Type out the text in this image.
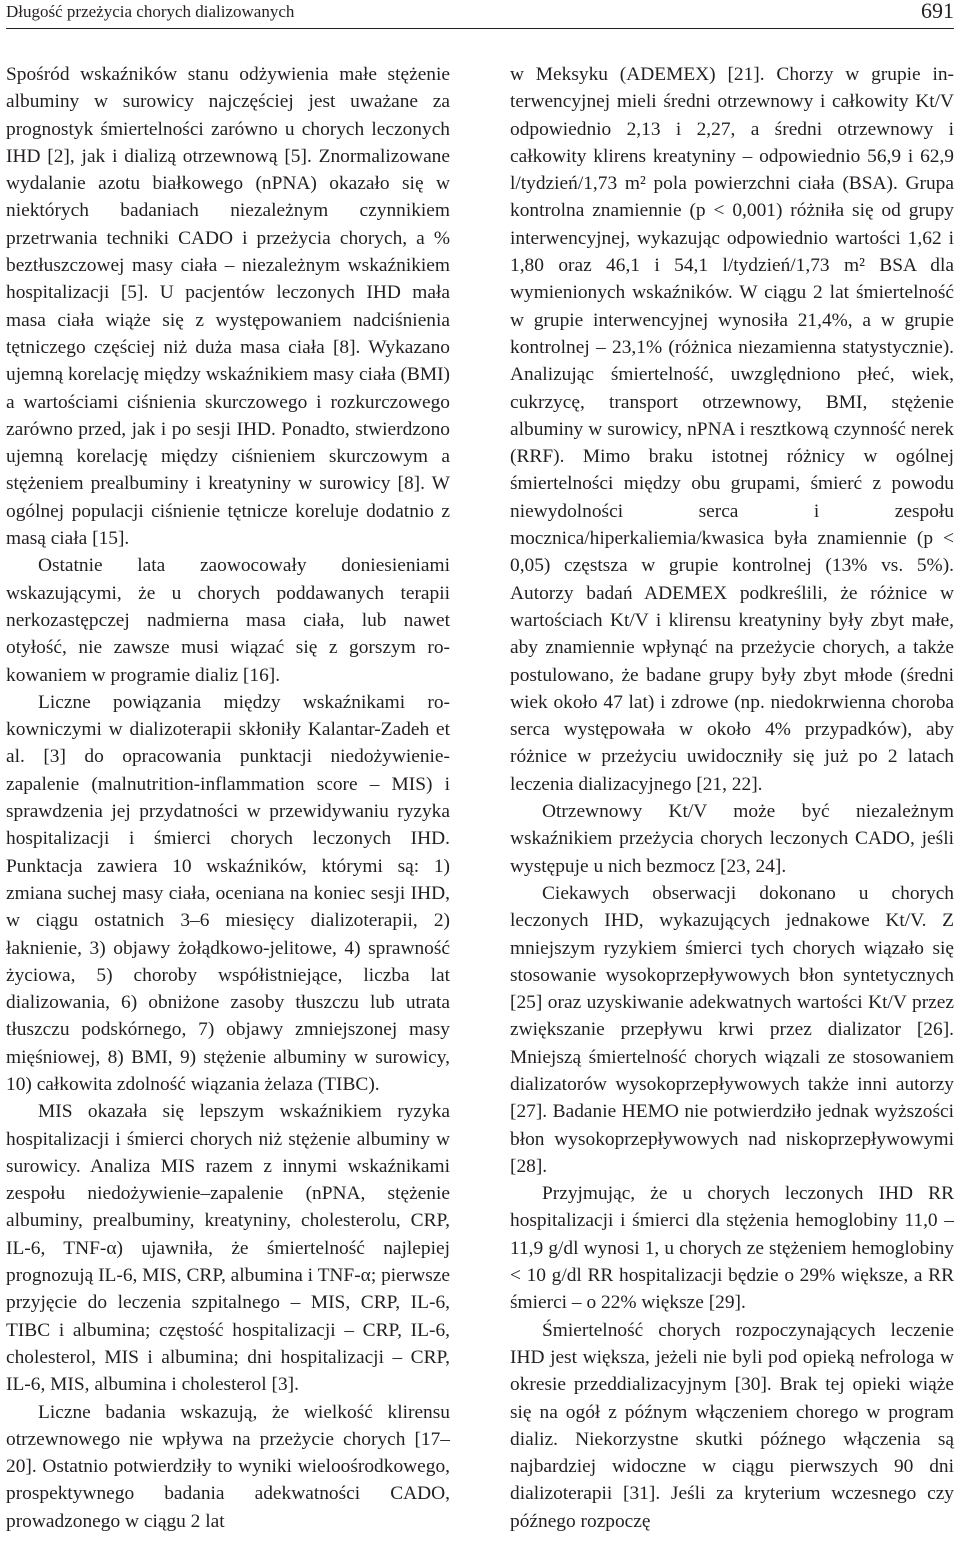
Długość przeżycia chorych dializowanych	691

Spośród wskaźników stanu odżywienia małe stężenie albuminy w surowicy najczęściej jest uważane za prognostyk śmiertelności zarówno u chorych leczonych IHD [2], jak i dializą otrzewnową [5]. Znormalizowane wydalanie azotu białkowego (nPNA) okazało się w niektórych badaniach niezależnym czynnikiem przetrwania techniki CADO i przeżycia chorych, a % beztłuszczowej masy ciała – niezależnym wskaźnikiem hospitalizacji [5]. U pacjentów leczonych IHD mała masa ciała wiąże się z występowaniem nadciśnienia tętniczego częściej niż duża masa ciała [8]. Wykazano ujemną korelację między wskaźnikiem masy ciała (BMI) a wartościami ciśnienia skurczowego i rozkurczowego zarówno przed, jak i po sesji IHD. Ponadto, stwierdzono ujemną korelację między ciśnieniem skurczowym a stężeniem prealbuminy i kreatyniny w surowicy [8]. W ogólnej populacji ciśnienie tętnicze koreluje dodatnio z masą ciała [15].

Ostatnie lata zaowocowały doniesieniami wskazującymi, że u chorych poddawanych terapii nerkozastępczej nadmierna masa ciała, lub nawet otyłość, nie zawsze musi wiązać się z gorszym rokowaniem w programie dializ [16].

Liczne powiązania między wskaźnikami rokowniczymi w dializoterapii skłoniły Kalantar-Zadeh et al. [3] do opracowania punktacji niedożywienie-zapalenie (malnutrition-inflammation score – MIS) i sprawdzenia jej przydatności w przewidywaniu ryzyka hospitalizacji i śmierci chorych leczonych IHD. Punktacja zawiera 10 wskaźników, którymi są: 1) zmiana suchej masy ciała, oceniana na koniec sesji IHD, w ciągu ostatnich 3–6 miesięcy dializoterapii, 2) łaknienie, 3) objawy żołądkowo-jelitowe, 4) sprawność życiowa, 5) choroby współistniejące, liczba lat dializowania, 6) obniżone zasoby tłuszczu lub utrata tłuszczu podskórnego, 7) objawy zmniejszonej masy mięśniowej, 8) BMI, 9) stężenie albuminy w surowicy, 10) całkowita zdolność wiązania żelaza (TIBC).

MIS okazała się lepszym wskaźnikiem ryzyka hospitalizacji i śmierci chorych niż stężenie albuminy w surowicy. Analiza MIS razem z innymi wskaźnikami zespołu niedożywienie–zapalenie (nPNA, stężenie albuminy, prealbuminy, kreatyniny, cholesterolu, CRP, IL-6, TNF-α) ujawniła, że śmiertelność najlepiej prognozują IL-6, MIS, CRP, albumina i TNF-α; pierwsze przyjęcie do leczenia szpitalnego – MIS, CRP, IL-6, TIBC i albumina; częstość hospitalizacji – CRP, IL-6, cholesterol, MIS i albumina; dni hospitalizacji – CRP, IL-6, MIS, albumina i cholesterol [3].

Liczne badania wskazują, że wielkość klirensu otrzewnowego nie wpływa na przeżycie chorych [17–20]. Ostatnio potwierdziły to wyniki wieloośrodkowego, prospektywnego badania adekwatności CADO, prowadzonego w ciągu 2 lat

w Meksyku (ADEMEX) [21]. Chorzy w grupie interwencyjnej mieli średni otrzewnowy i całkowity Kt/V odpowiednio 2,13 i 2,27, a średni otrzewnowy i całkowity klirens kreatyniny – odpowiednio 56,9 i 62,9 l/tydzień/1,73 m² pola powierzchni ciała (BSA). Grupa kontrolna znamiennie (p < 0,001) różniła się od grupy interwencyjnej, wykazując odpowiednio wartości 1,62 i 1,80 oraz 46,1 i 54,1 l/tydzień/1,73 m² BSA dla wymienionych wskaźników. W ciągu 2 lat śmiertelność w grupie interwencyjnej wynosiła 21,4%, a w grupie kontrolnej – 23,1% (różnica niezamienna statystycznie). Analizując śmiertelność, uwzględniono płeć, wiek, cukrzycę, transport otrzewnowy, BMI, stężenie albuminy w surowicy, nPNA i resztkową czynność nerek (RRF). Mimo braku istotnej różnicy w ogólnej śmiertelności między obu grupami, śmierć z powodu niewydolności serca i zespołu mocznica/hiperkaliemia/kwasica była znamiennie (p < 0,05) częstsza w grupie kontrolnej (13% vs. 5%). Autorzy badań ADEMEX podkreślili, że różnice w wartościach Kt/V i klirensu kreatyniny były zbyt małe, aby znamiennie wpłynąć na przeżycie chorych, a także postulowano, że badane grupy były zbyt młode (średni wiek około 47 lat) i zdrowe (np. niedokrwienna choroba serca występowała w około 4% przypadków), aby różnice w przeżyciu uwidoczniły się już po 2 latach leczenia dializacyjnego [21, 22].

Otrzewnowy Kt/V może być niezależnym wskaźnikiem przeżycia chorych leczonych CADO, jeśli występuje u nich bezmocz [23, 24].

Ciekawych obserwacji dokonano u chorych leczonych IHD, wykazujących jednakowe Kt/V. Z mniejszym ryzykiem śmierci tych chorych wiązało się stosowanie wysokoprzepływowych błon syntetycznych [25] oraz uzyskiwanie adekwatnych wartości Kt/V przez zwiększanie przepływu krwi przez dializator [26]. Mniejszą śmiertelność chorych wiązali ze stosowaniem dializatorów wysokoprzepływowych także inni autorzy [27]. Badanie HEMO nie potwierdziło jednak wyższości błon wysokoprzepływowych nad niskoprzepływowymi [28].

Przyjmując, że u chorych leczonych IHD RR hospitalizacji i śmierci dla stężenia hemoglobiny 11,0 – 11,9 g/dl wynosi 1, u chorych ze stężeniem hemoglobiny < 10 g/dl RR hospitalizacji będzie o 29% większe, a RR śmierci – o 22% większe [29].

Śmiertelność chorych rozpoczynających leczenie IHD jest większa, jeżeli nie byli pod opieką nefrologa w okresie przeddializacyjnym [30]. Brak tej opieki wiąże się na ogół z późnym włączeniem chorego w program dializ. Niekorzystne skutki późnego włączenia są najbardziej widoczne w ciągu pierwszych 90 dni dializoterapii [31]. Jeśli za kryterium wczesnego czy późnego rozpoczę
